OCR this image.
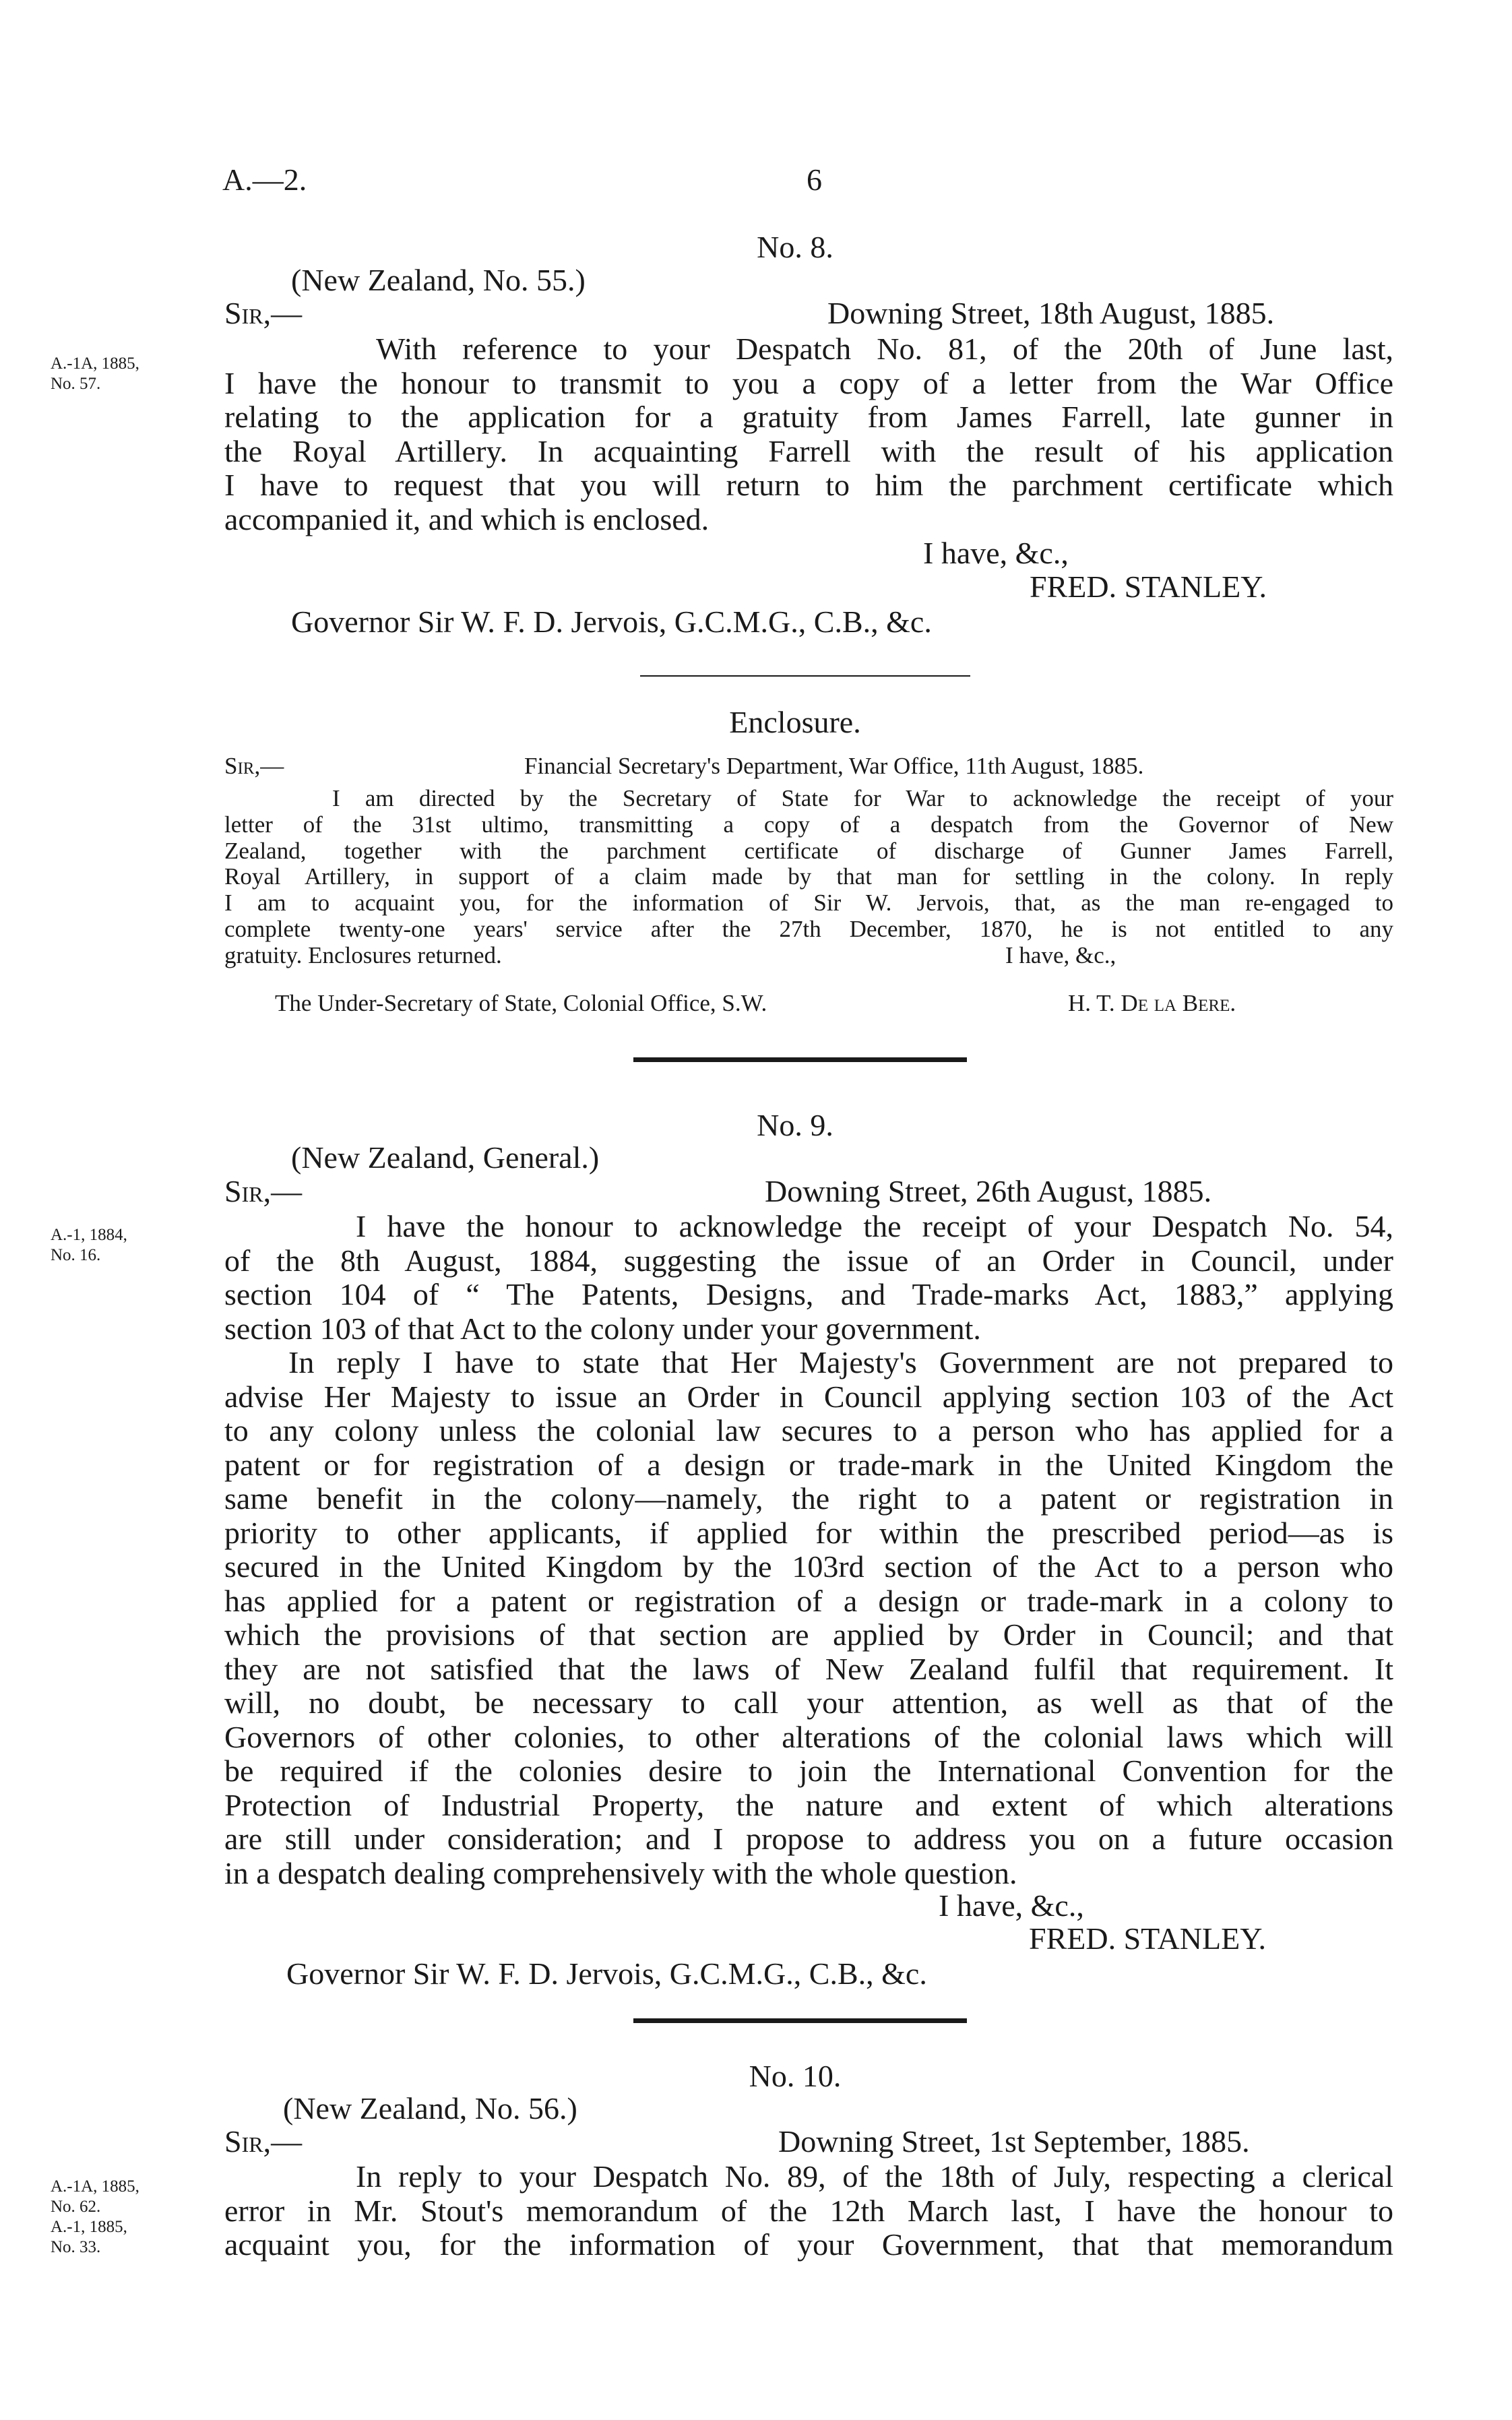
A.—2.	6
No. 8.
(New Zealand, No. 55.)
Sir,—	Downing Street, 18th August, 1885.
A.-1A, 1885,
No. 57.
With reference to your Despatch No. 81, of the 20th of June last,
I have the honour to transmit to you a copy of a letter from the War Office
relating to the application for a gratuity from James Farrell, late gunner in
the Royal Artillery. In acquainting Farrell with the result of his application
I have to request that you will return to him the parchment certificate which
accompanied it, and which is enclosed.
I have, &c.,
FRED. STANLEY.
Governor Sir W. F. D. Jervois, G.C.M.G., C.B., &c.
Enclosure.
Sir,—	Financial Secretary's Department, War Office, 11th August, 1885.
I am directed by the Secretary of State for War to acknowledge the receipt of your
letter of the 31st ultimo, transmitting a copy of a despatch from the Governor of New
Zealand, together with the parchment certificate of discharge of Gunner James Farrell,
Royal Artillery, in support of a claim made by that man for settling in the colony. In reply
I am to acquaint you, for the information of Sir W. Jervois, that, as the man re-engaged to
complete twenty-one years' service after the 27th December, 1870, he is not entitled to any
gratuity. Enclosures returned.	I have, &c.,
The Under-Secretary of State, Colonial Office, S.W.	H. T. De la Bere.
No. 9.
(New Zealand, General.)
Sir,—	Downing Street, 26th August, 1885.
A.-1, 1884,
No. 16.
I have the honour to acknowledge the receipt of your Despatch No. 54,
of the 8th August, 1884, suggesting the issue of an Order in Council, under
section 104 of “ The Patents, Designs, and Trade-marks Act, 1883,” applying
section 103 of that Act to the colony under your government.
In reply I have to state that Her Majesty's Government are not prepared to
advise Her Majesty to issue an Order in Council applying section 103 of the Act
to any colony unless the colonial law secures to a person who has applied for a
patent or for registration of a design or trade-mark in the United Kingdom the
same benefit in the colony—namely, the right to a patent or registration in
priority to other applicants, if applied for within the prescribed period—as is
secured in the United Kingdom by the 103rd section of the Act to a person who
has applied for a patent or registration of a design or trade-mark in a colony to
which the provisions of that section are applied by Order in Council; and that
they are not satisfied that the laws of New Zealand fulfil that requirement. It
will, no doubt, be necessary to call your attention, as well as that of the
Governors of other colonies, to other alterations of the colonial laws which will
be required if the colonies desire to join the International Convention for the
Protection of Industrial Property, the nature and extent of which alterations
are still under consideration; and I propose to address you on a future occasion
in a despatch dealing comprehensively with the whole question.
I have, &c.,
FRED. STANLEY.
Governor Sir W. F. D. Jervois, G.C.M.G., C.B., &c.
No. 10.
(New Zealand, No. 56.)
Sir,—	Downing Street, 1st September, 1885.
A.-1A, 1885,
No. 62.
A.-1, 1885,
No. 33.
In reply to your Despatch No. 89, of the 18th of July, respecting a clerical
error in Mr. Stout's memorandum of the 12th March last, I have the honour to
acquaint you, for the information of your Government, that that memorandum
